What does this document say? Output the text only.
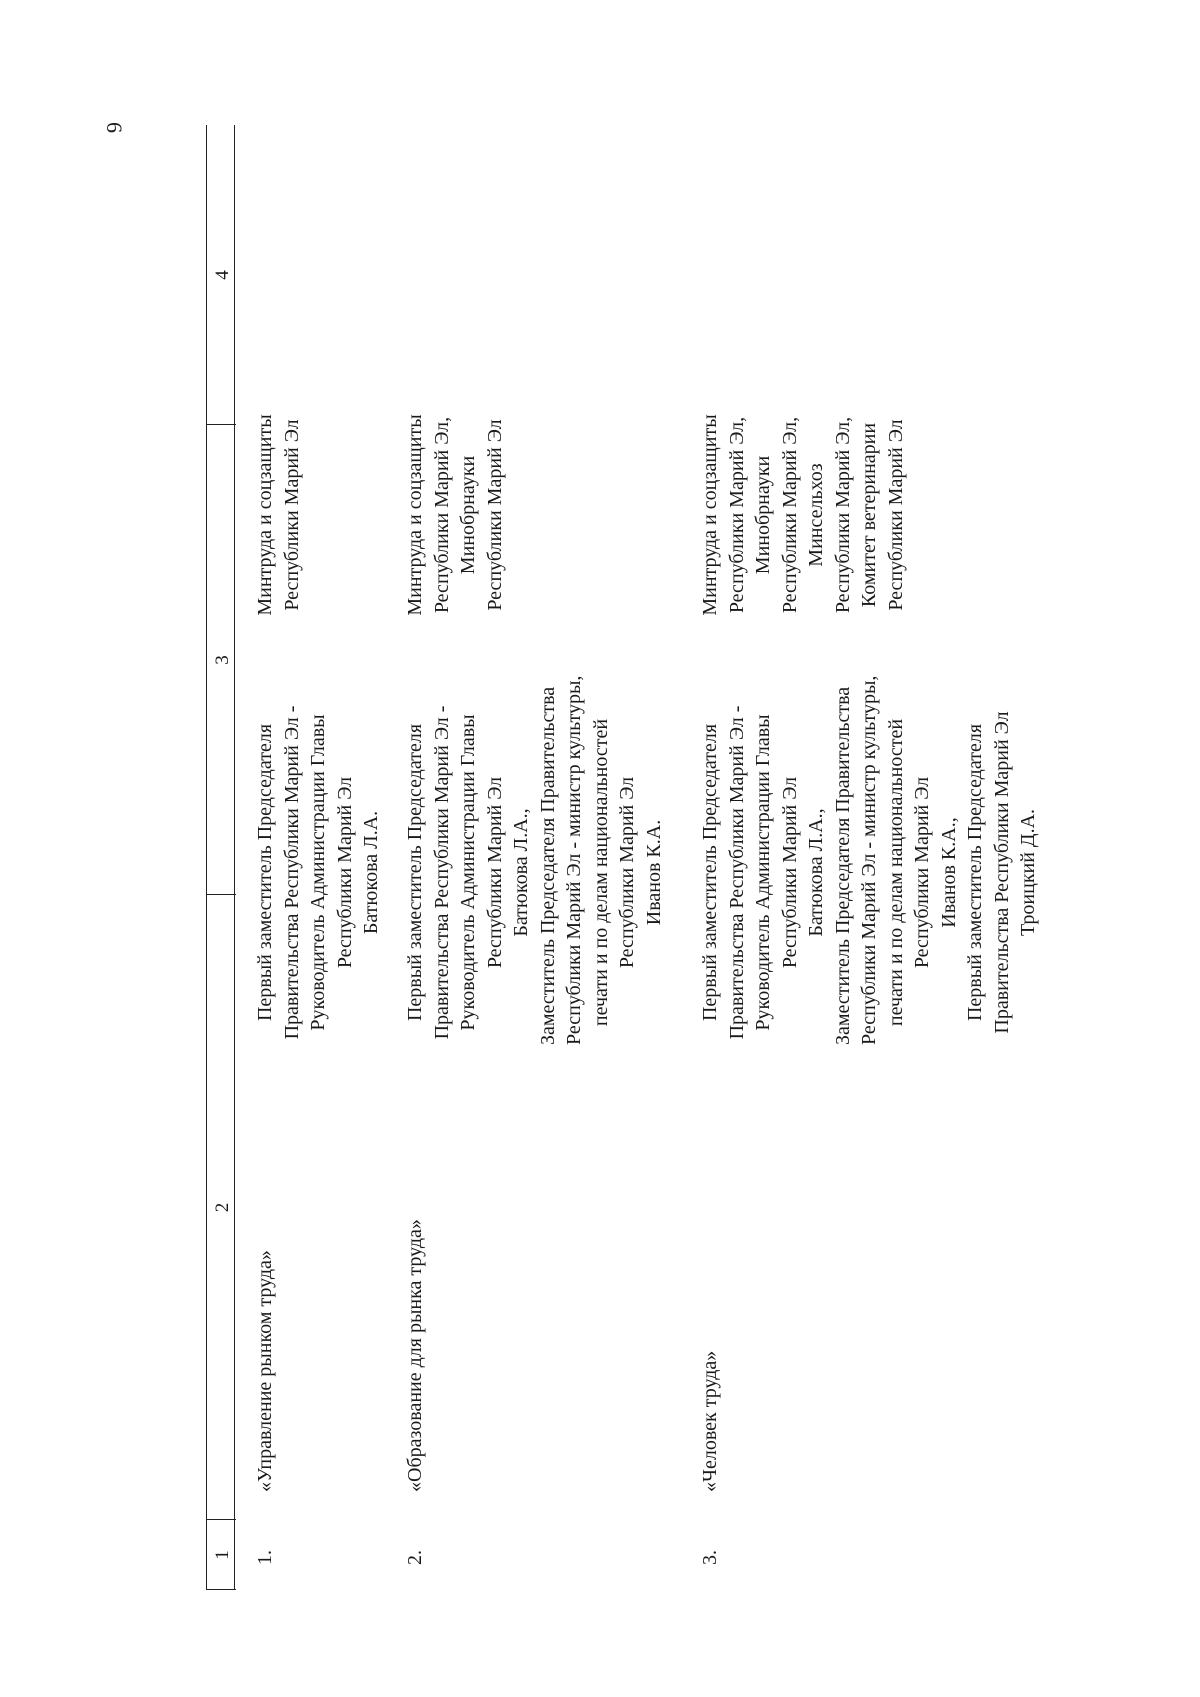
6
1
2
3
4
1.
«Управление рынком труда»
Первый заместитель Председателя Правительства Республики Марий Эл - Руководитель Администрации Главы Республики Марий Эл Батюкова Л.А.
Минтруда и соцзащиты Республики Марий Эл
2.
«Образование для рынка труда»
Первый заместитель Председателя Правительства Республики Марий Эл - Руководитель Администрации Главы Республики Марий Эл Батюкова Л.А., Заместитель Председателя Правительства Республики Марий Эл - министр культуры, печати и по делам национальностей Республики Марий Эл Иванов К.А.
Минтруда и соцзащиты Республики Марий Эл, Минобрнауки Республики Марий Эл
3.
«Человек труда»
Первый заместитель Председателя Правительства Республики Марий Эл - Руководитель Администрации Главы Республики Марий Эл Батюкова Л.А., Заместитель Председателя Правительства Республики Марий Эл - министр культуры, печати и по делам национальностей Республики Марий Эл Иванов К.А., Первый заместитель Председателя Правительства Республики Марий Эл Троицкий Д.А.
Минтруда и соцзащиты Республики Марий Эл, Минобрнауки Республики Марий Эл, Минсельхоз Республики Марий Эл, Комитет ветеринарии Республики Марий Эл
